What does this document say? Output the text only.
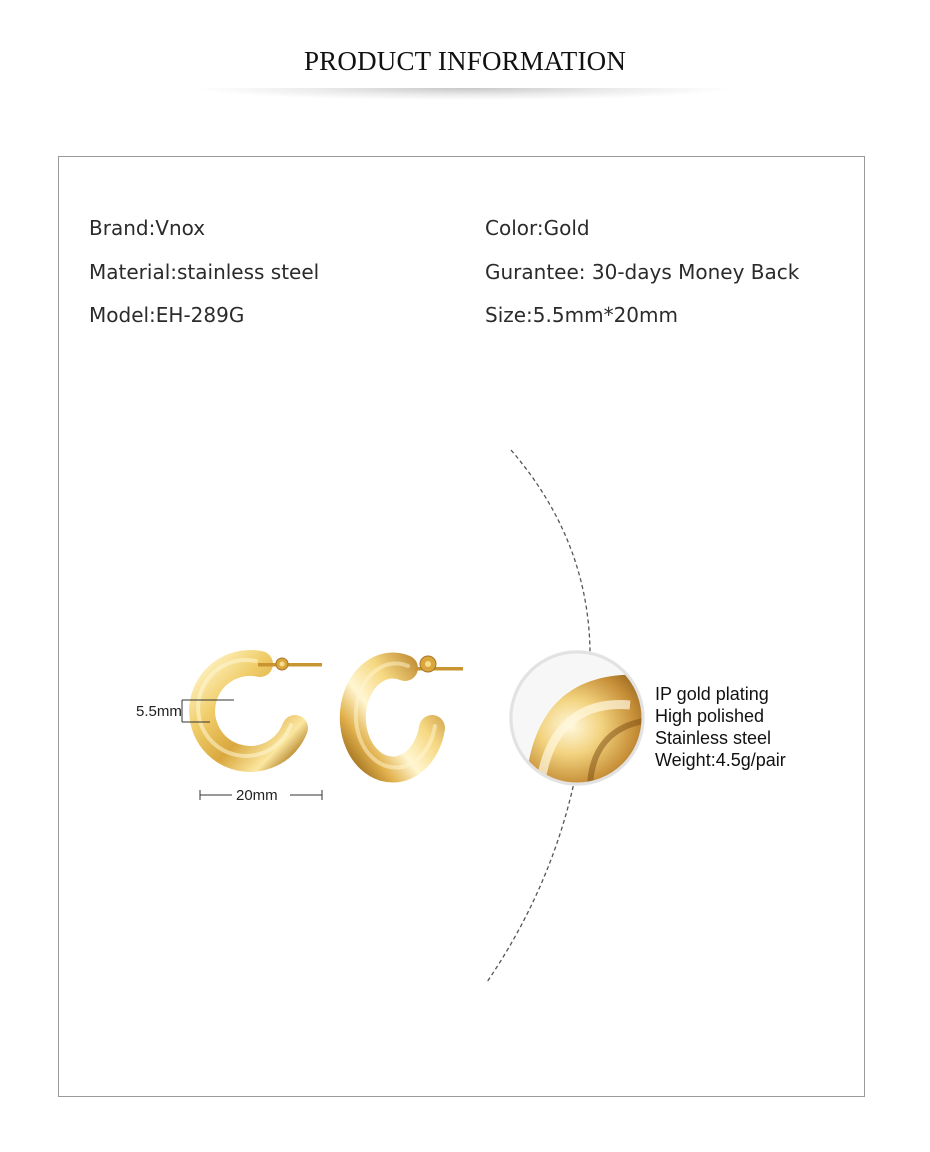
PRODUCT INFORMATION
Brand:Vnox
Material:stainless steel
Model:EH-289G
Color:Gold
Gurantee: 30-days Money Back
Size:5.5mm*20mm
5.5mm
20mm
IP gold plating
High polished
Stainless steel
Weight:4.5g/pair
